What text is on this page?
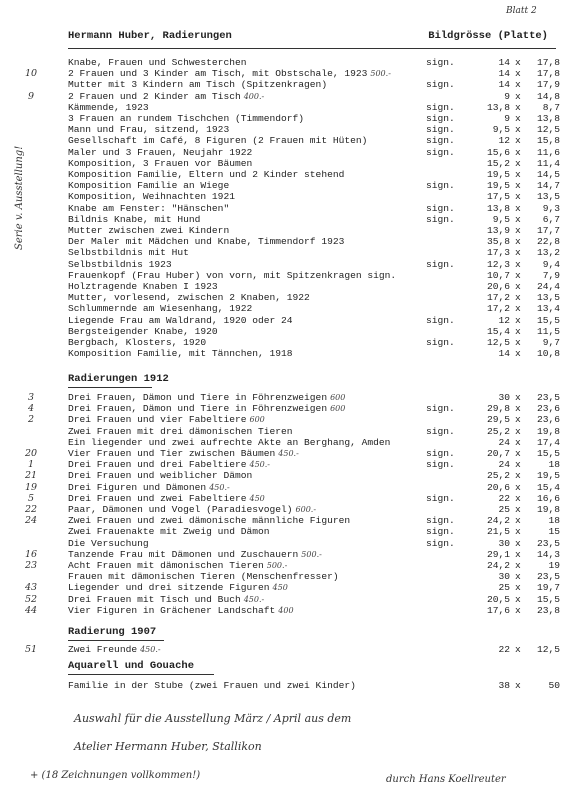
Blatt 2
Hermann Huber, Radierungen	Bildgrösse (Platte)
Serie v. Ausstellung!
Knabe, Frauen und Schwesterchen	sign.	14 x	17,8
10	2 Frauen und 3 Kinder am Tisch, mit Obstschale, 1923 500.-	14 x	17,8
Mutter mit 3 Kindern am Tisch (Spitzenkragen)	sign.	14 x	17,9
9	2 Frauen und 2 Kinder am Tisch 400.-	9 x	14,8
Kämmende, 1923	sign.	13,8 x	8,7
3 Frauen an rundem Tischchen (Timmendorf)	sign.	9 x	13,8
Mann und Frau, sitzend, 1923	sign.	9,5 x	12,5
Gesellschaft im Café, 8 Figuren (2 Frauen mit Hüten)	sign.	12 x	15,8
Maler und 3 Frauen, Neujahr 1922	sign.	15,6 x	11,6
Komposition, 3 Frauen vor Bäumen	15,2 x	11,4
Komposition Familie, Eltern und 2 Kinder stehend	19,5 x	14,5
Komposition Familie an Wiege	sign.	19,5 x	14,7
Komposition, Weihnachten 1921	17,5 x	13,5
Knabe am Fenster: "Hänschen"	sign.	13,8 x	9,3
Bildnis Knabe, mit Hund	sign.	9,5 x	6,7
Mutter zwischen zwei Kindern	13,9 x	17,7
Der Maler mit Mädchen und Knabe, Timmendorf 1923	35,8 x	22,8
Selbstbildnis mit Hut	17,3 x	13,2
Selbstbildnis 1923	sign.	12,3 x	9,4
Frauenkopf (Frau Huber) von vorn, mit Spitzenkragen sign.	10,7 x	7,9
Holztragende Knaben I 1923	20,6 x	24,4
Mutter, vorlesend, zwischen 2 Knaben, 1922	17,2 x	13,5
Schlummernde am Wiesenhang, 1922	17,2 x	13,4
Liegende Frau am Waldrand, 1920 oder 24	sign.	12 x	15,5
Bergsteigender Knabe, 1920	15,4 x	11,5
Bergbach, Klosters, 1920	sign.	12,5 x	9,7
Komposition Familie, mit Tännchen, 1918	14 x	10,8
Radierungen 1912
3	Drei Frauen, Dämon und Tiere in Föhrenzweigen 600	30 x	23,5
4	Drei Frauen, Dämon und Tiere in Föhrenzweigen 600	sign.	29,8 x	23,6
2	Drei Frauen und vier Fabeltiere 600	29,5 x	23,6
Zwei Frauen mit drei dämonischen Tieren	sign.	25,2 x	19,8
Ein liegender und zwei aufrechte Akte an Berghang, Amden	24 x	17,4
20	Vier Frauen und Tier zwischen Bäumen 450.-	sign.	20,7 x	15,5
1	Drei Frauen und drei Fabeltiere 450.-	sign.	24 x	18
21	Drei Frauen und weiblicher Dämon	25,2 x	19,5
19	Drei Figuren und Dämonen 450.-	20,6 x	15,4
5	Drei Frauen und zwei Fabeltiere 450	sign.	22 x	16,6
22	Paar, Dämonen und Vogel (Paradiesvogel) 600.-	25 x	19,8
24	Zwei Frauen und zwei dämonische männliche Figuren	sign.	24,2 x	18
Zwei Frauenakte mit Zweig und Dämon	sign.	21,5 x	15
Die Versuchung	sign.	30 x	23,5
16	Tanzende Frau mit Dämonen und Zuschauern 500.-	29,1 x	14,3
23	Acht Frauen mit dämonischen Tieren 500.-	24,2 x	19
Frauen mit dämonischen Tieren (Menschenfresser)	30 x	23,5
43	Liegender und drei sitzende Figuren 450	25 x	19,7
52	Drei Frauen mit Tisch und Buch 450.-	20,5 x	15,5
44	Vier Figuren in Grächener Landschaft 400	17,6 x	23,8
Radierung 1907
51	Zwei Freunde 450.-	22 x	12,5
Aquarell und Gouache
Familie in der Stube (zwei Frauen und zwei Kinder)	38 x	50
Auswahl für die Ausstellung März / April aus dem
Atelier Hermann Huber, Stallikon
+ (18 Zeichnungen vollkommen!)	durch Hans Koellreuter
